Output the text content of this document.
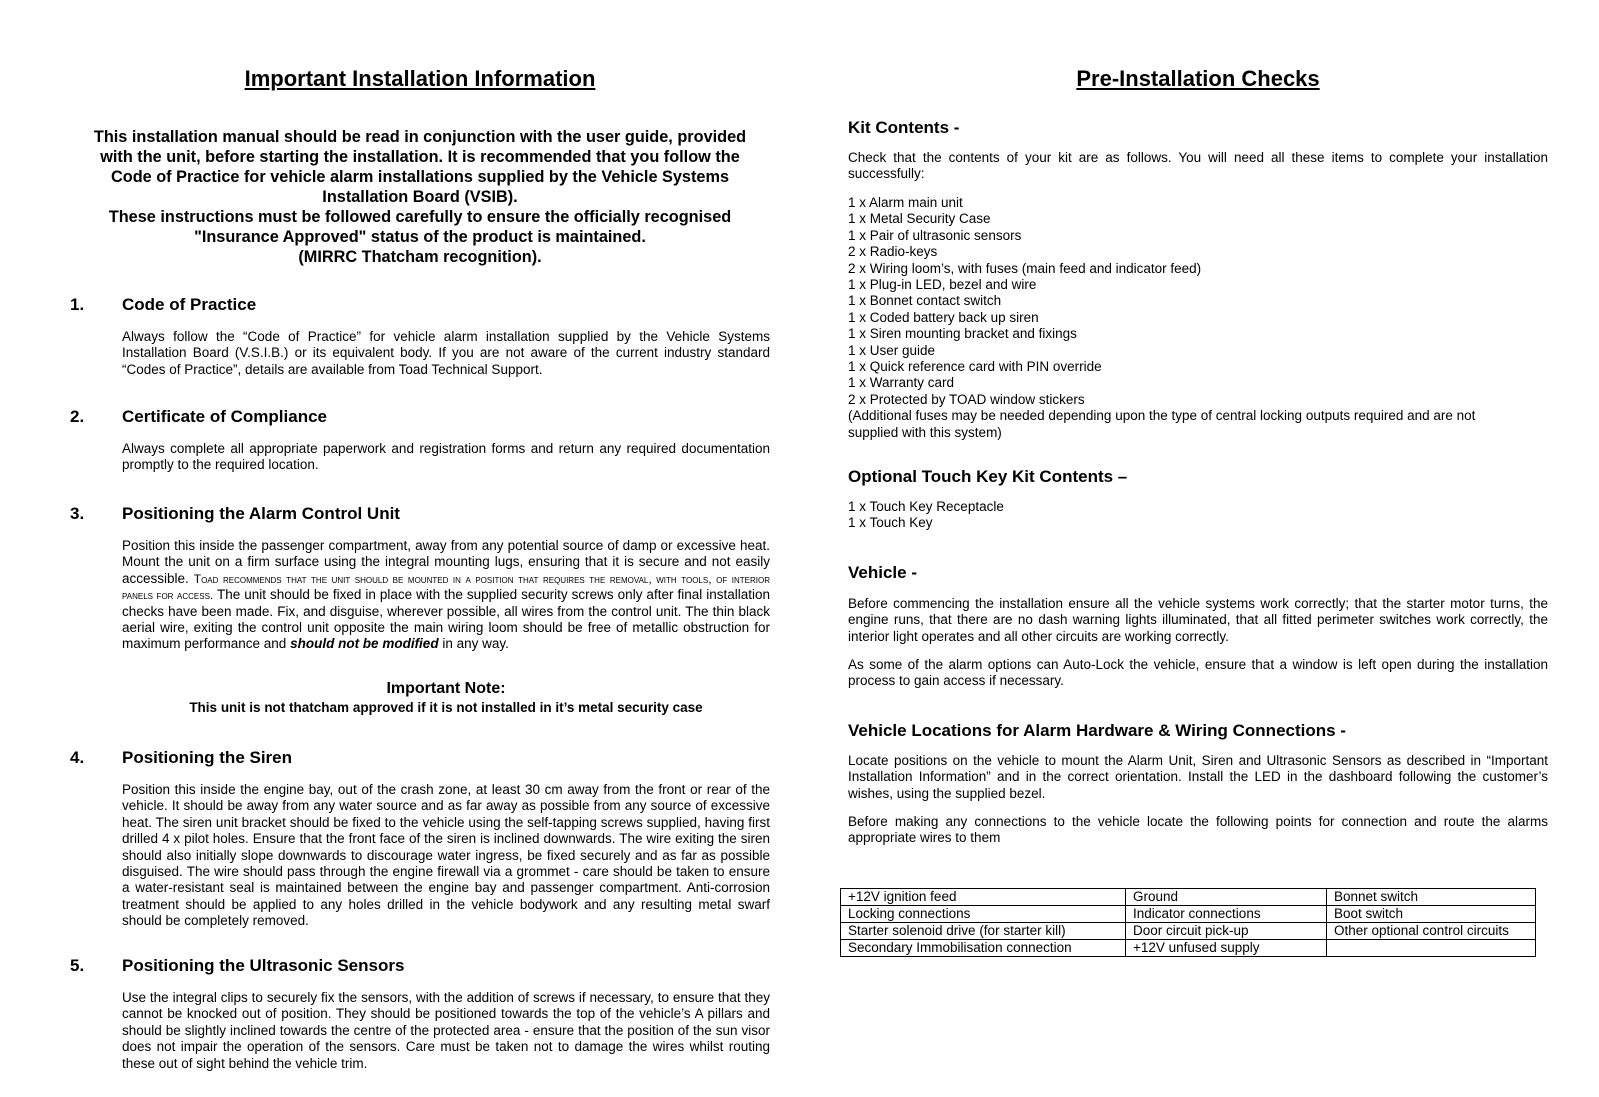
Important Installation Information
This installation manual should be read in conjunction with the user guide, provided
with the unit, before starting the installation. It is recommended that you follow the
Code of Practice for vehicle alarm installations supplied by the Vehicle Systems
Installation Board (VSIB).
These instructions must be followed carefully to ensure the officially recognised
"Insurance Approved" status of the product is maintained.
(MIRRC Thatcham recognition).
1. Code of Practice
Always follow the “Code of Practice” for vehicle alarm installation supplied by the Vehicle Systems Installation Board (V.S.I.B.) or its equivalent body. If you are not aware of the current industry standard “Codes of Practice”, details are available from Toad Technical Support.
2. Certificate of Compliance
Always complete all appropriate paperwork and registration forms and return any required documentation promptly to the required location.
3. Positioning the Alarm Control Unit
Position this inside the passenger compartment, away from any potential source of damp or excessive heat. Mount the unit on a firm surface using the integral mounting lugs, ensuring that it is secure and not easily accessible. Toad recommends that the unit should be mounted in a position that requires the removal, with tools, of interior panels for access. The unit should be fixed in place with the supplied security screws only after final installation checks have been made. Fix, and disguise, wherever possible, all wires from the control unit. The thin black aerial wire, exiting the control unit opposite the main wiring loom should be free of metallic obstruction for maximum performance and should not be modified in any way.
Important Note:
This unit is not thatcham approved if it is not installed in it’s metal security case
4. Positioning the Siren
Position this inside the engine bay, out of the crash zone, at least 30 cm away from the front or rear of the vehicle. It should be away from any water source and as far away as possible from any source of excessive heat. The siren unit bracket should be fixed to the vehicle using the self-tapping screws supplied, having first drilled 4 x pilot holes. Ensure that the front face of the siren is inclined downwards. The wire exiting the siren should also initially slope downwards to discourage water ingress, be fixed securely and as far as possible disguised. The wire should pass through the engine firewall via a grommet - care should be taken to ensure a water-resistant seal is maintained between the engine bay and passenger compartment. Anti-corrosion treatment should be applied to any holes drilled in the vehicle bodywork and any resulting metal swarf should be completely removed.
5. Positioning the Ultrasonic Sensors
Use the integral clips to securely fix the sensors, with the addition of screws if necessary, to ensure that they cannot be knocked out of position. They should be positioned towards the top of the vehicle’s A pillars and should be slightly inclined towards the centre of the protected area - ensure that the position of the sun visor does not impair the operation of the sensors. Care must be taken not to damage the wires whilst routing these out of sight behind the vehicle trim.
Pre-Installation Checks
Kit Contents -
Check that the contents of your kit are as follows. You will need all these items to complete your installation successfully:
1 x Alarm main unit
1 x Metal Security Case
1 x Pair of ultrasonic sensors
2 x Radio-keys
2 x Wiring loom’s, with fuses (main feed and indicator feed)
1 x Plug-in LED, bezel and wire
1 x Bonnet contact switch
1 x Coded battery back up siren
1 x Siren mounting bracket and fixings
1 x User guide
1 x Quick reference card with PIN override
1 x Warranty card
2 x Protected by TOAD window stickers
(Additional fuses may be needed depending upon the type of central locking outputs required and are not
supplied with this system)
Optional Touch Key Kit Contents –
1 x Touch Key Receptacle
1 x Touch Key
Vehicle -
Before commencing the installation ensure all the vehicle systems work correctly; that the starter motor turns, the engine runs, that there are no dash warning lights illuminated, that all fitted perimeter switches work correctly, the interior light operates and all other circuits are working correctly.
As some of the alarm options can Auto-Lock the vehicle, ensure that a window is left open during the installation process to gain access if necessary.
Vehicle Locations for Alarm Hardware & Wiring Connections -
Locate positions on the vehicle to mount the Alarm Unit, Siren and Ultrasonic Sensors as described in “Important Installation Information” and in the correct orientation. Install the LED in the dashboard following the customer’s wishes, using the supplied bezel.
Before making any connections to the vehicle locate the following points for connection and route the alarms appropriate wires to them
+12V ignition feed	Ground	Bonnet switch
Locking connections	Indicator connections	Boot switch
Starter solenoid drive (for starter kill)	Door circuit pick-up	Other optional control circuits
Secondary Immobilisation connection	+12V unfused supply	
